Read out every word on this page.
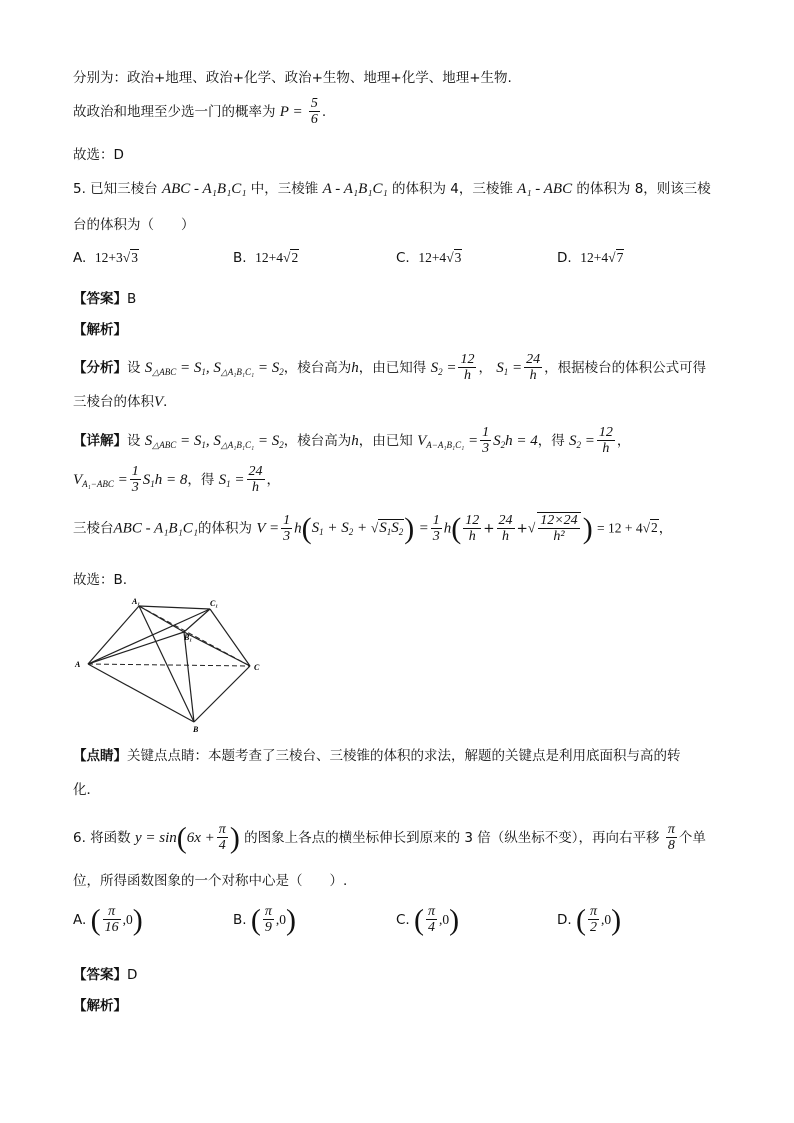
分别为：政治+地理、政治+化学、政治+生物、地理+化学、地理+生物.
故政治和地理至少选一门的概率为 $P = \frac{5}{6}$ .
故选：D
5. 已知三棱台 ABC - A₁B₁C₁ 中，三棱锥 A - A₁B₁C₁ 的体积为 4，三棱锥 A₁ - ABC 的体积为 8，则该三棱
台的体积为（　　）
A. 12+3√3	B. 12+4√2	C. 12+4√3	D. 12+4√7
【答案】B
【解析】
【分析】设 $S_{\triangle ABC} = S_1$, $S_{\triangle A_1B_1C_1} = S_2$，棱台高为h，由已知得 $S_2 = \frac{12}{h}$ ， $S_1 = \frac{24}{h}$ ，根据棱台的体积公式可得
三棱台的体积V．
【详解】设 $S_{\triangle ABC} = S_1$, $S_{\triangle A_1B_1C_1} = S_2$，棱台高为h，由已知 $V_{A-A_1B_1C_1} = \frac{1}{3} S_2h = 4$，得 $S_2 = \frac{12}{h}$ ，
$V_{A_1-ABC} = \frac{1}{3} S_1h = 8$，得 $S_1 = \frac{24}{h}$ ，
三棱台ABC - A₁B₁C₁的体积为 $V = \frac{1}{3} h(S_1 + S_2 + √S_1S_2) = \frac{1}{3} h( \frac{12}{h} + \frac{24}{h}$ +√ $\frac{12\times 24}{\text{h²}}$ ) = 12 + 4√2，
故选：B.
A₁	C₁
B₁
A
B
C
【点睛】关键点点睛：本题考查了三棱台、三棱锥的体积的求法，解题的关键点是利用底面积与高的转
化．
6. 将函数 $y = \sin(6x + \frac{\pi}{4}$ ) 的图象上各点的横坐标伸长到原来的 3 倍（纵坐标不变），再向右平移 $\frac{\pi}{8}$ 个单
位，所得函数图象的一个对称中心是（　　）.
A. ( $\frac{\pi}{16} ,0$)	B. ( $\frac{\pi}{9} ,0$)	C. ( $\frac{\pi}{4} ,0$)	D. ( $\frac{\pi}{2} ,0$)
【答案】D
【解析】
